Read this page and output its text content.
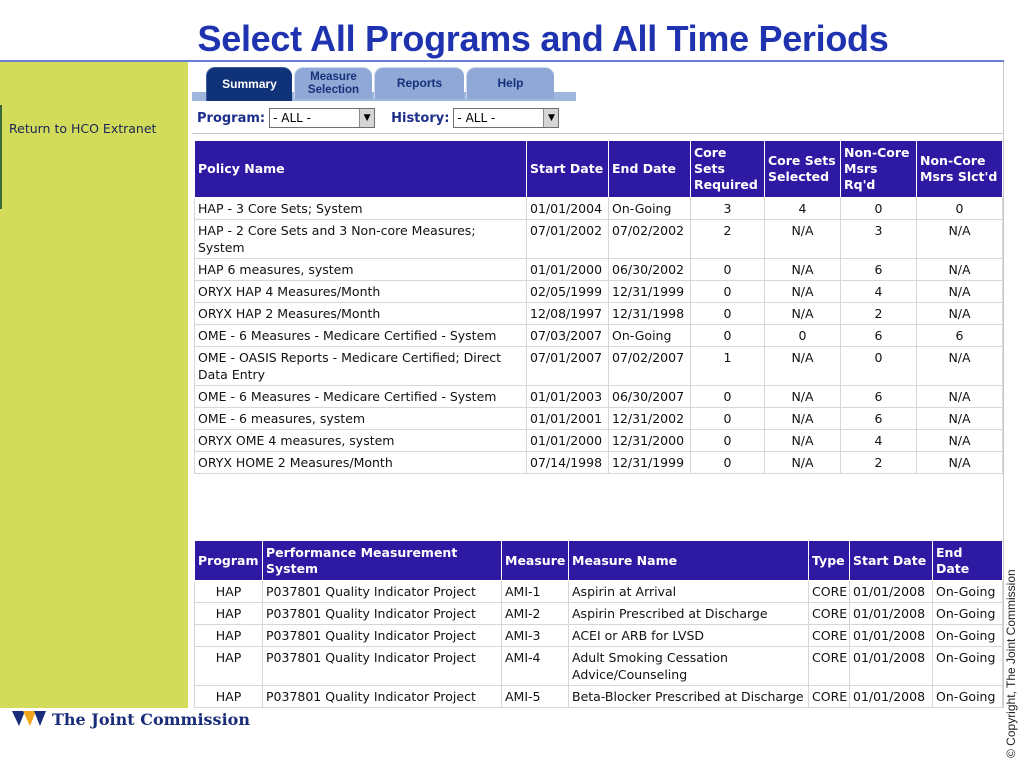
Select All Programs and All Time Periods
Return to HCO Extranet
Summary
Measure Selection	Reports	Help
Program: - ALL -	▼ History: - ALL -	▼
Policy Name	Start Date	End Date	Core Sets Required	Core Sets Selected	Non-Core Msrs Rq'd	Non-Core Msrs Slct'd
HAP - 3 Core Sets; System	01/01/2004	On-Going	3	4	0	0
HAP - 2 Core Sets and 3 Non-core Measures; System	07/01/2002	07/02/2002	2	N/A	3	N/A
HAP 6 measures, system	01/01/2000	06/30/2002	0	N/A	6	N/A
ORYX HAP 4 Measures/Month	02/05/1999	12/31/1999	0	N/A	4	N/A
ORYX HAP 2 Measures/Month	12/08/1997	12/31/1998	0	N/A	2	N/A
OME - 6 Measures - Medicare Certified - System	07/03/2007	On-Going	0	0	6	6
OME - OASIS Reports - Medicare Certified; Direct Data Entry	07/01/2007	07/02/2007	1	N/A	0	N/A
OME - 6 Measures - Medicare Certified - System	01/01/2003	06/30/2007	0	N/A	6	N/A
OME - 6 measures, system	01/01/2001	12/31/2002	0	N/A	6	N/A
ORYX OME 4 measures, system	01/01/2000	12/31/2000	0	N/A	4	N/A
ORYX HOME 2 Measures/Month	07/14/1998	12/31/1999	0	N/A	2	N/A
Program	Performance Measurement System	Measure	Measure Name	Type	Start Date	End Date
HAP	P037801 Quality Indicator Project	AMI-1	Aspirin at Arrival	CORE	01/01/2008	On-Going
HAP	P037801 Quality Indicator Project	AMI-2	Aspirin Prescribed at Discharge	CORE	01/01/2008	On-Going
HAP	P037801 Quality Indicator Project	AMI-3	ACEI or ARB for LVSD	CORE	01/01/2008	On-Going
HAP	P037801 Quality Indicator Project	AMI-4	Adult Smoking Cessation Advice/Counseling	CORE	01/01/2008	On-Going
HAP	P037801 Quality Indicator Project	AMI-5	Beta-Blocker Prescribed at Discharge	CORE	01/01/2008	On-Going
The Joint Commission	© Copyright, The Joint Commission
